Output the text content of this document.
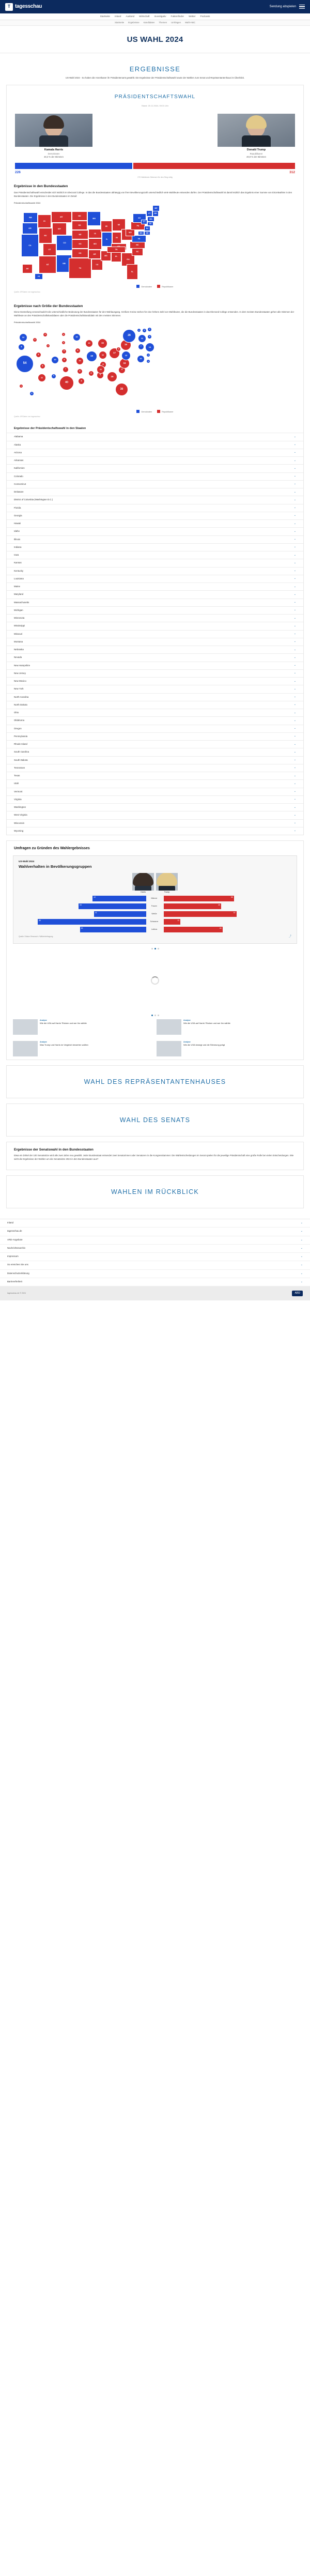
T tagesschau	Sendung abspielen
Startseite Inland Ausland Wirtschaft Investigativ Faktenfinder Wetter Podcasts
Startseite Ergebnisse Kandidaten Themen Umfragen Wahl-ABC
US WAHL 2024
ERGEBNISSE

US-Wahl 2024 - So haben die Amerikaner ihr Präsidentenamt gewählt. Die Ergebnisse der Präsidentschaftswahl sowie der Wahlen zum Senat und Repräsentantenhaus im Überblick.

PRÄSIDENTSCHAFTSWAHL
Stand: 20.11.2024, 09:31 Uhr
Kamala Harris
Demokraten
48,3 % der Stimmen
Donald Trump
Republikaner
49,9 % der Stimmen
226	312
270 Wahlleute-Stimmen für den Sieg nötig
Ergebnisse in den Bundesstaaten

Das Präsidentschaftswahl entscheidet sich letztlich im Electoral College. In das die Bundesstaaten abhängig von ihrer Bevölkerungszahl unterschiedlich viele Wahlleute entsenden dürfen. Der Präsidentschaftswahl ist damit letztlich das Ergebnis einer Summe von Einzelwahlen in den Bundesstaaten. Die Ergebnisse in den Bundesstaaten im Detail:

Präsidentschaftswahl 2024
WA
OR
CA
NV
ID
MT
WY
UT
AZ
CO
NM
ND
SD
NE
KS
OK
TX
MN
IA
MO
AR
LA
WI
IL
MS	AL
MI
IN
TN
GA
FL
SC
NC
VA
WV
PA
NY
VT	NH
ME
MA
RI
CT
NJ
DE
MD
AK
HI
Demokraten	Republikaner
Quelle: AP/Daten von tagesschau
Ergebnisse nach Größe der Bundesstaaten

Diese Darstellung veranschaulicht die unterschiedliche Bedeutung der Bundesstaaten für den Wahlausgang. Größere Kreise stehen für eine höhere Zahl von Wahlleuten, die die Bundesstaaten in das Electoral College entsenden. In dem meisten Bundesstaaten gehen alle Stimmen der Wahlleute an den Präsidentschaftskandidaten oder die Präsidentschaftskandidatin mit den meisten Stimmen.

Präsidentschaftswahl 2024
12
8
54
6
4
4
3
6
11
10
5
3
3
5
6
7
40
10
6
10
6
8
10
19
6
9
15
11
17
8
11
16
30
9
16
13
4
19
28
3	4	4
11
4
7	14
3
10
3
3
4
Demokraten	Republikaner
Quelle: AP/Daten von tagesschau
Ergebnisse der Präsidentschaftswahl in den Staaten
Alabama	⌄
Alaska	⌄
Arizona	⌄
Arkansas	⌄
Kalifornien	⌄
Colorado	⌄
Connecticut	⌄
Delaware	⌄
District of Columbia (Washington D.C.)	⌄
Florida	⌄
Georgia	⌄
Hawaii	⌄
Idaho	⌄
Illinois	⌄
Indiana	⌄
Iowa	⌄
Kansas	⌄
Kentucky	⌄
Louisiana	⌄
Maine	⌄
Maryland	⌄
Massachusetts	⌄
Michigan	⌄
Minnesota	⌄
Mississippi	⌄
Missouri	⌄
Montana	⌄
Nebraska	⌄
Nevada	⌄
New Hampshire	⌄
New Jersey	⌄
New Mexico	⌄
New York	⌄
North Carolina	⌄
North Dakota	⌄
Ohio	⌄
Oklahoma	⌄
Oregon	⌄
Pennsylvania	⌄
Rhode Island	⌄
South Carolina	⌄
South Dakota	⌄
Tennessee	⌄
Texas	⌄
Utah	⌄
Vermont	⌄
Virginia	⌄
Washington	⌄
West Virginia	⌄
Wisconsin	⌄
Wyoming	⌄
Umfragen zu Gründen des Wahlergebnisses
US-Wahl 2024
Wahlverhalten in Bevölkerungsgruppen
Harris	Trump
42	Männer	55
53	Frauen	45
41	Weiße	57
85	Schwarze	13
52	Latinos	46
Quelle: Edison Research / Wählerbefragung	⤴
Analyse
Wie die USA auf Harris' Rücken und wer ihn wählte
Analyse
Wie die USA auf Harris' Rücken und wer ihn wählte
Analyse
Was Trump und Harris im Vergleich bewerten wollten
Analyse
Wie die USA bewegt und die Stimmung prägt
WAHL DES REPRÄSENTANTENHAUSES
WAHL DES SENATS
Ergebnisse der Senatswahl in den Bundesstaaten

Etwa ein Drittel der 100 Senatssitze wird alle zwei Jahre neu gewählt. Jeder Bundesstaat entsendet zwei Senatorinnen oder Senatoren in die Kongresskammer. Die Wahlentscheidungen im Senat spielen für die jeweilige Präsidentschaft eine große Rolle bei vielen Entscheidungen. Wie sieht die Ergebnisse der Wahlen um die Senatssitze 2024 in den Bundesstaaten aus?

WAHLEN IM RÜCKBLICK
Inland	⌄
tagesschau.de	⌄
ARD-Angebote	⌄
Nachrichtenarchiv	⌄
Impressum	⌄
So erreichen Sie uns	⌄
Datenschutzerklärung	⌄
Barrierefreiheit	⌄
tagesschau.de © 2024	ARD
